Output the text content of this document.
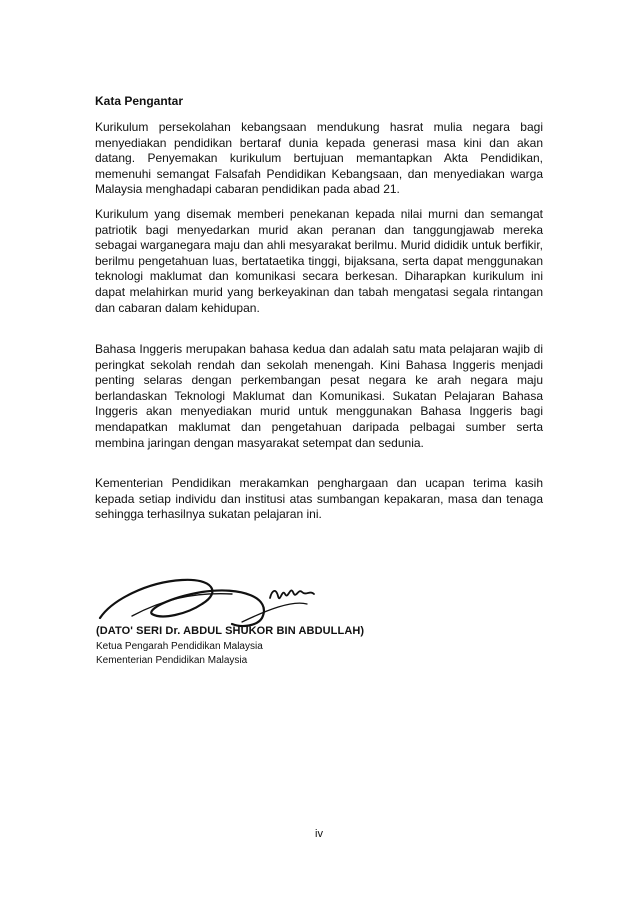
Kata Pengantar

Kurikulum persekolahan kebangsaan mendukung hasrat mulia negara bagi menyediakan pendidikan bertaraf dunia kepada generasi masa kini dan akan datang. Penyemakan kurikulum bertujuan memantapkan Akta Pendidikan, memenuhi semangat Falsafah Pendidikan Kebangsaan, dan menyediakan warga Malaysia menghadapi cabaran pendidikan pada abad 21.

Kurikulum yang disemak memberi penekanan kepada nilai murni dan semangat patriotik bagi menyedarkan murid akan peranan dan tanggungjawab mereka sebagai warganegara maju dan ahli mesyarakat berilmu. Murid dididik untuk berfikir, berilmu pengetahuan luas, bertataetika tinggi, bijaksana, serta dapat menggunakan teknologi maklumat dan komunikasi secara berkesan. Diharapkan kurikulum ini dapat melahirkan murid yang berkeyakinan dan tabah mengatasi segala rintangan dan cabaran dalam kehidupan.

Bahasa Inggeris merupakan bahasa kedua dan adalah satu mata pelajaran wajib di peringkat sekolah rendah dan sekolah menengah. Kini Bahasa Inggeris menjadi penting selaras dengan perkembangan pesat negara ke arah negara maju berlandaskan Teknologi Maklumat dan Komunikasi. Sukatan Pelajaran Bahasa Inggeris akan menyediakan murid untuk menggunakan Bahasa Inggeris bagi mendapatkan maklumat dan pengetahuan daripada pelbagai sumber serta membina jaringan dengan masyarakat setempat dan sedunia.

Kementerian Pendidikan merakamkan penghargaan dan ucapan terima kasih kepada setiap individu dan institusi atas sumbangan kepakaran, masa dan tenaga sehingga terhasilnya sukatan pelajaran ini.

(DATO' SERI Dr. ABDUL SHUKOR BIN ABDULLAH)

Ketua Pengarah Pendidikan Malaysia

Kementerian Pendidikan Malaysia

iv
